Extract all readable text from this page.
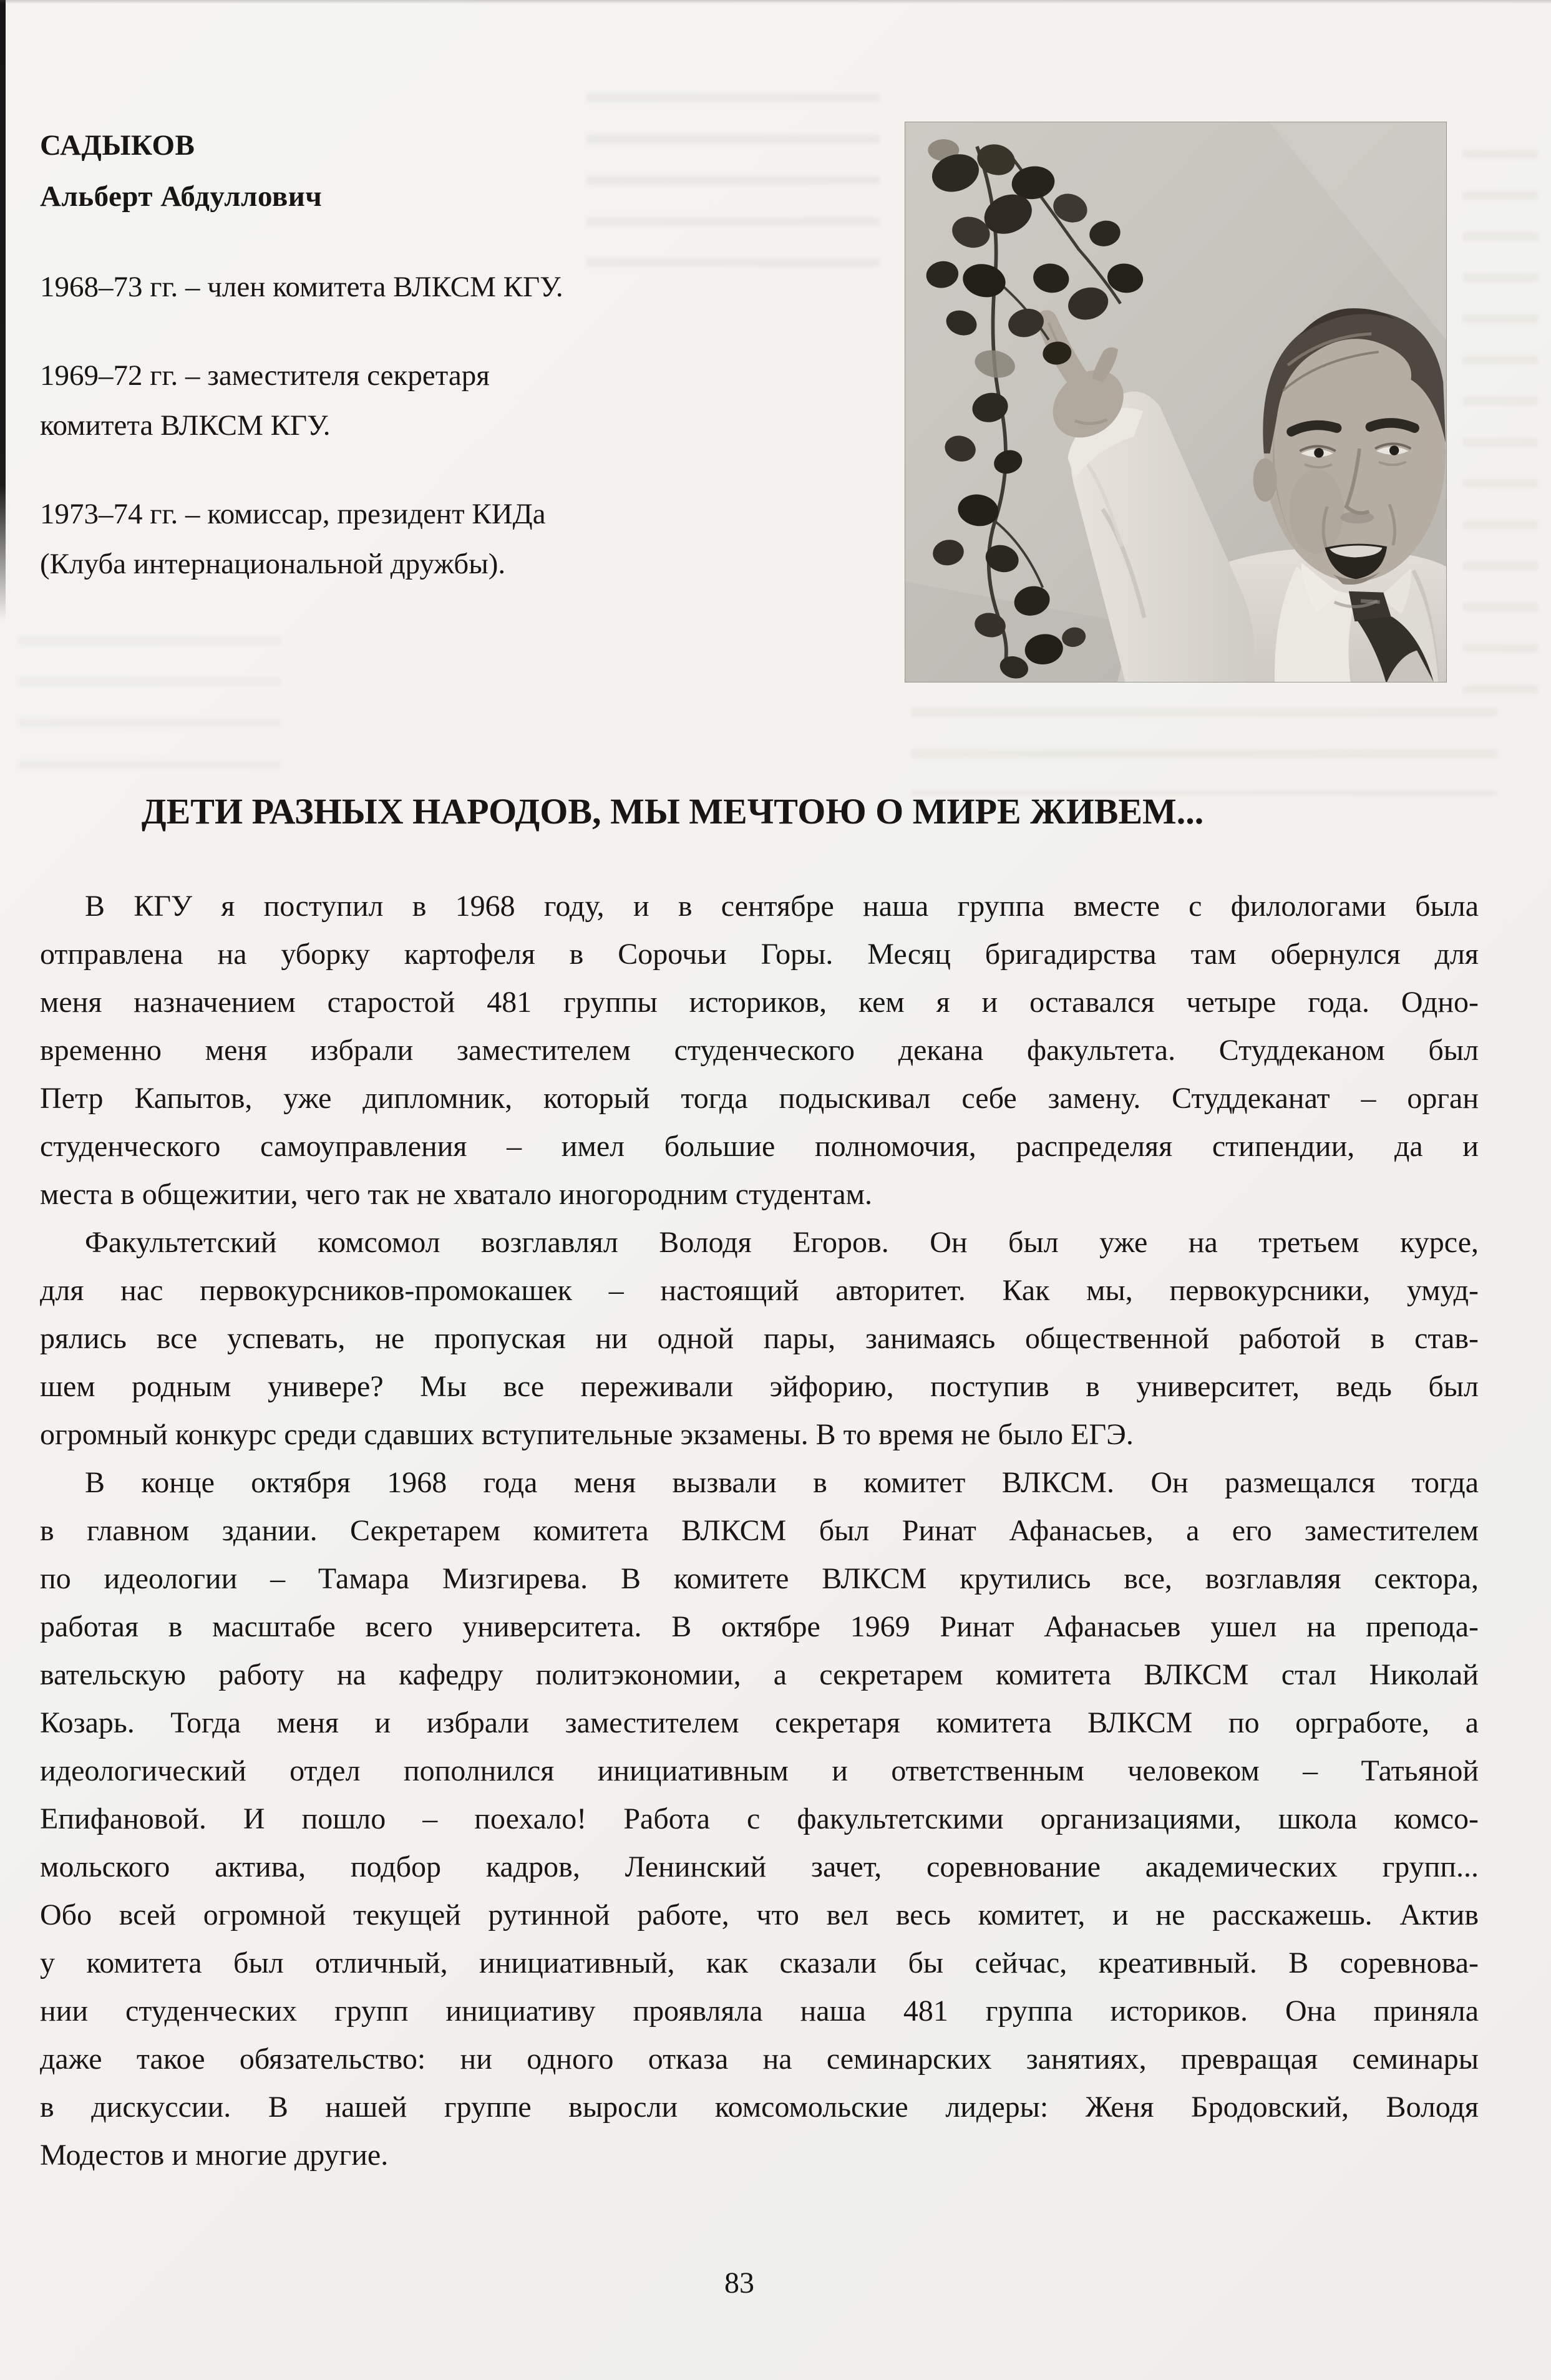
САДЫКОВ
Альберт Абдуллович
1968–73 гг. – член комитета ВЛКСМ КГУ.
1969–72 гг. – заместителя секретаря
комитета ВЛКСМ КГУ.
1973–74 гг. – комиссар, президент КИДа
(Клуба интернациональной дружбы).
ДЕТИ РАЗНЫХ НАРОДОВ, МЫ МЕЧТОЮ О МИРЕ ЖИВЕМ...
В КГУ я поступил в 1968 году, и в сентябре наша группа вместе с филологами была
отправлена на уборку картофеля в Сорочьи Горы. Месяц бригадирства там обернулся для
меня назначением старостой 481 группы историков, кем я и оставался четыре года. Одно-
временно меня избрали заместителем студенческого декана факультета. Студдеканом был
Петр Капытов, уже дипломник, который тогда подыскивал себе замену. Студдеканат – орган
студенческого самоуправления – имел большие полномочия, распределяя стипендии, да и
места в общежитии, чего так не хватало иногородним студентам.
Факультетский комсомол возглавлял Володя Егоров. Он был уже на третьем курсе,
для нас первокурсников-промокашек – настоящий авторитет. Как мы, первокурсники, умуд-
рялись все успевать, не пропуская ни одной пары, занимаясь общественной работой в став-
шем родным универе? Мы все переживали эйфорию, поступив в университет, ведь был
огромный конкурс среди сдавших вступительные экзамены. В то время не было ЕГЭ.
В конце октября 1968 года меня вызвали в комитет ВЛКСМ. Он размещался тогда
в главном здании. Секретарем комитета ВЛКСМ был Ринат Афанасьев, а его заместителем
по идеологии – Тамара Мизгирева. В комитете ВЛКСМ крутились все, возглавляя сектора,
работая в масштабе всего университета. В октябре 1969 Ринат Афанасьев ушел на препода-
вательскую работу на кафедру политэкономии, а секретарем комитета ВЛКСМ стал Николай
Козарь. Тогда меня и избрали заместителем секретаря комитета ВЛКСМ по оргработе, а
идеологический отдел пополнился инициативным и ответственным человеком – Татьяной
Епифановой. И пошло – поехало! Работа с факультетскими организациями, школа комсо-
мольского актива, подбор кадров, Ленинский зачет, соревнование академических групп...
Обо всей огромной текущей рутинной работе, что вел весь комитет, и не расскажешь. Актив
у комитета был отличный, инициативный, как сказали бы сейчас, креативный. В соревнова-
нии студенческих групп инициативу проявляла наша 481 группа историков. Она приняла
даже такое обязательство: ни одного отказа на семинарских занятиях, превращая семинары
в дискуссии. В нашей группе выросли комсомольские лидеры: Женя Бродовский, Володя
Модестов и многие другие.
83
